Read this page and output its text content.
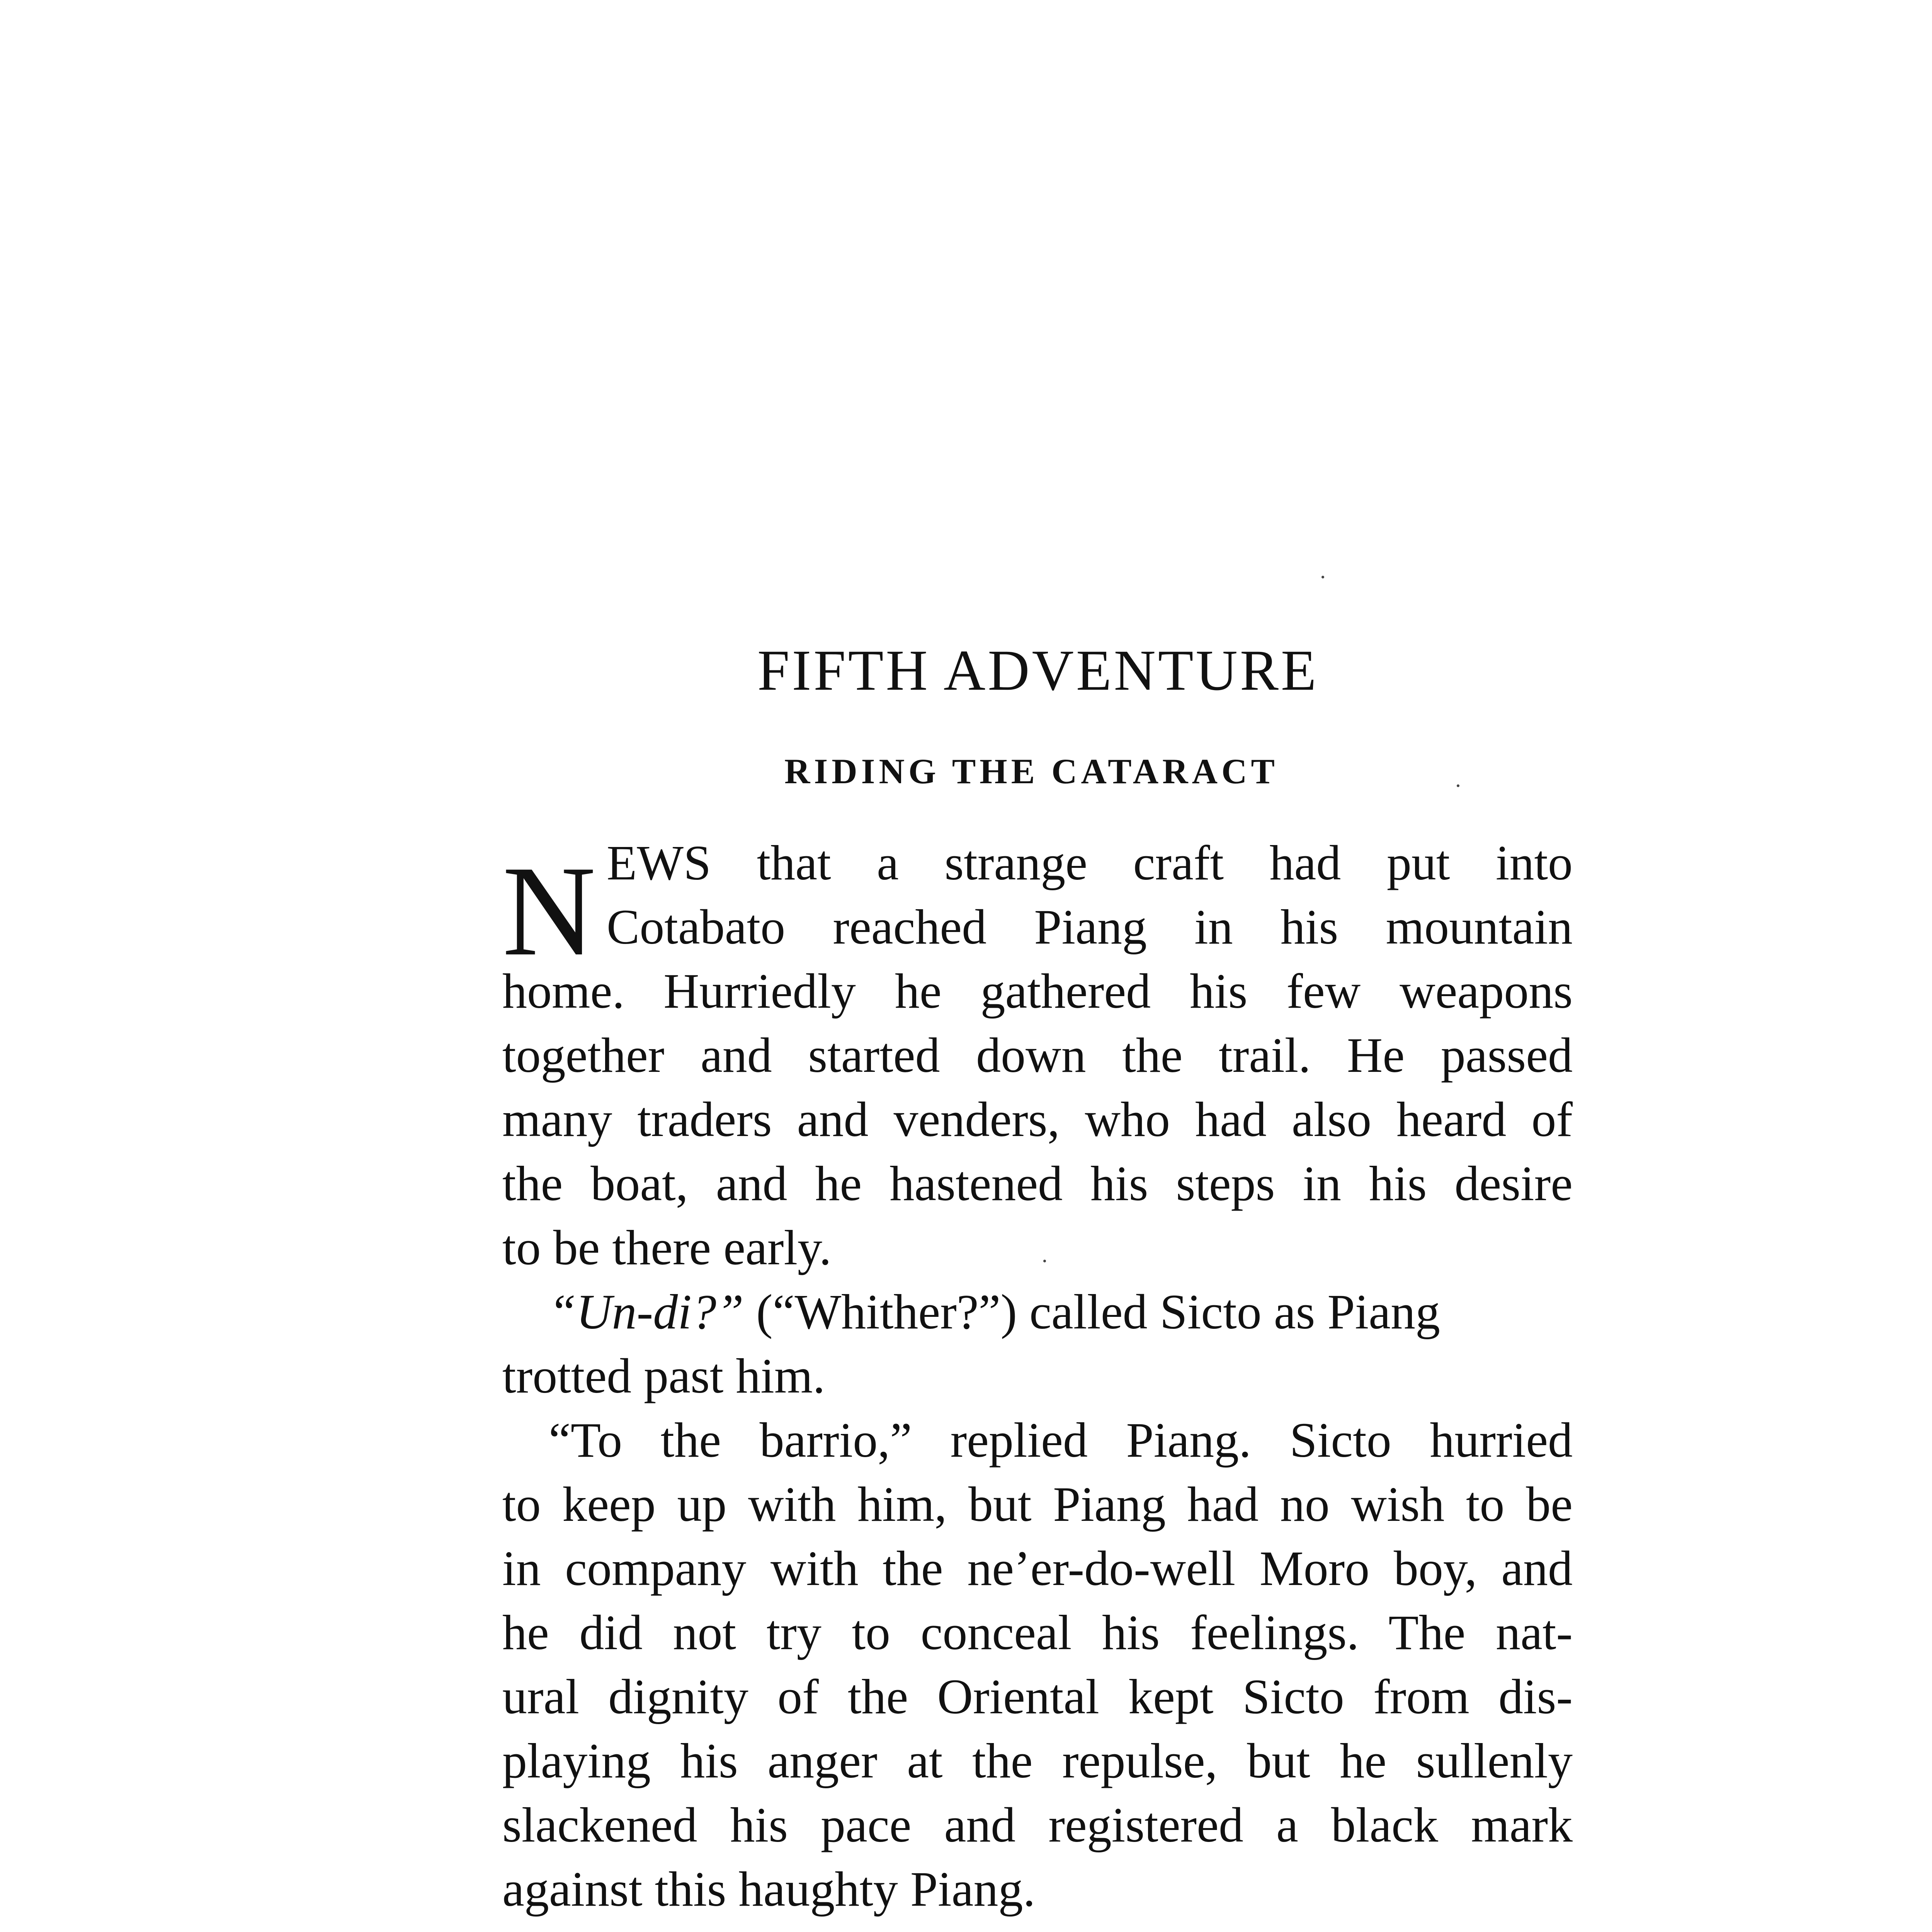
FIFTH ADVENTURE
RIDING THE CATARACT
N EWS that a strange craft had put into
Cotabato reached Piang in his mountain
home. Hurriedly he gathered his few weapons
together and started down the trail. He passed
many traders and venders, who had also heard of
the boat, and he hastened his steps in his desire
to be there early.
“Un-di?” (“Whither?”) called Sicto as Piang
trotted past him.
“To the barrio,” replied Piang. Sicto hurried
to keep up with him, but Piang had no wish to be
in company with the ne’er-do-well Moro boy, and
he did not try to conceal his feelings. The nat-
ural dignity of the Oriental kept Sicto from dis-
playing his anger at the repulse, but he sullenly
slackened his pace and registered a black mark
against this haughty Piang.
